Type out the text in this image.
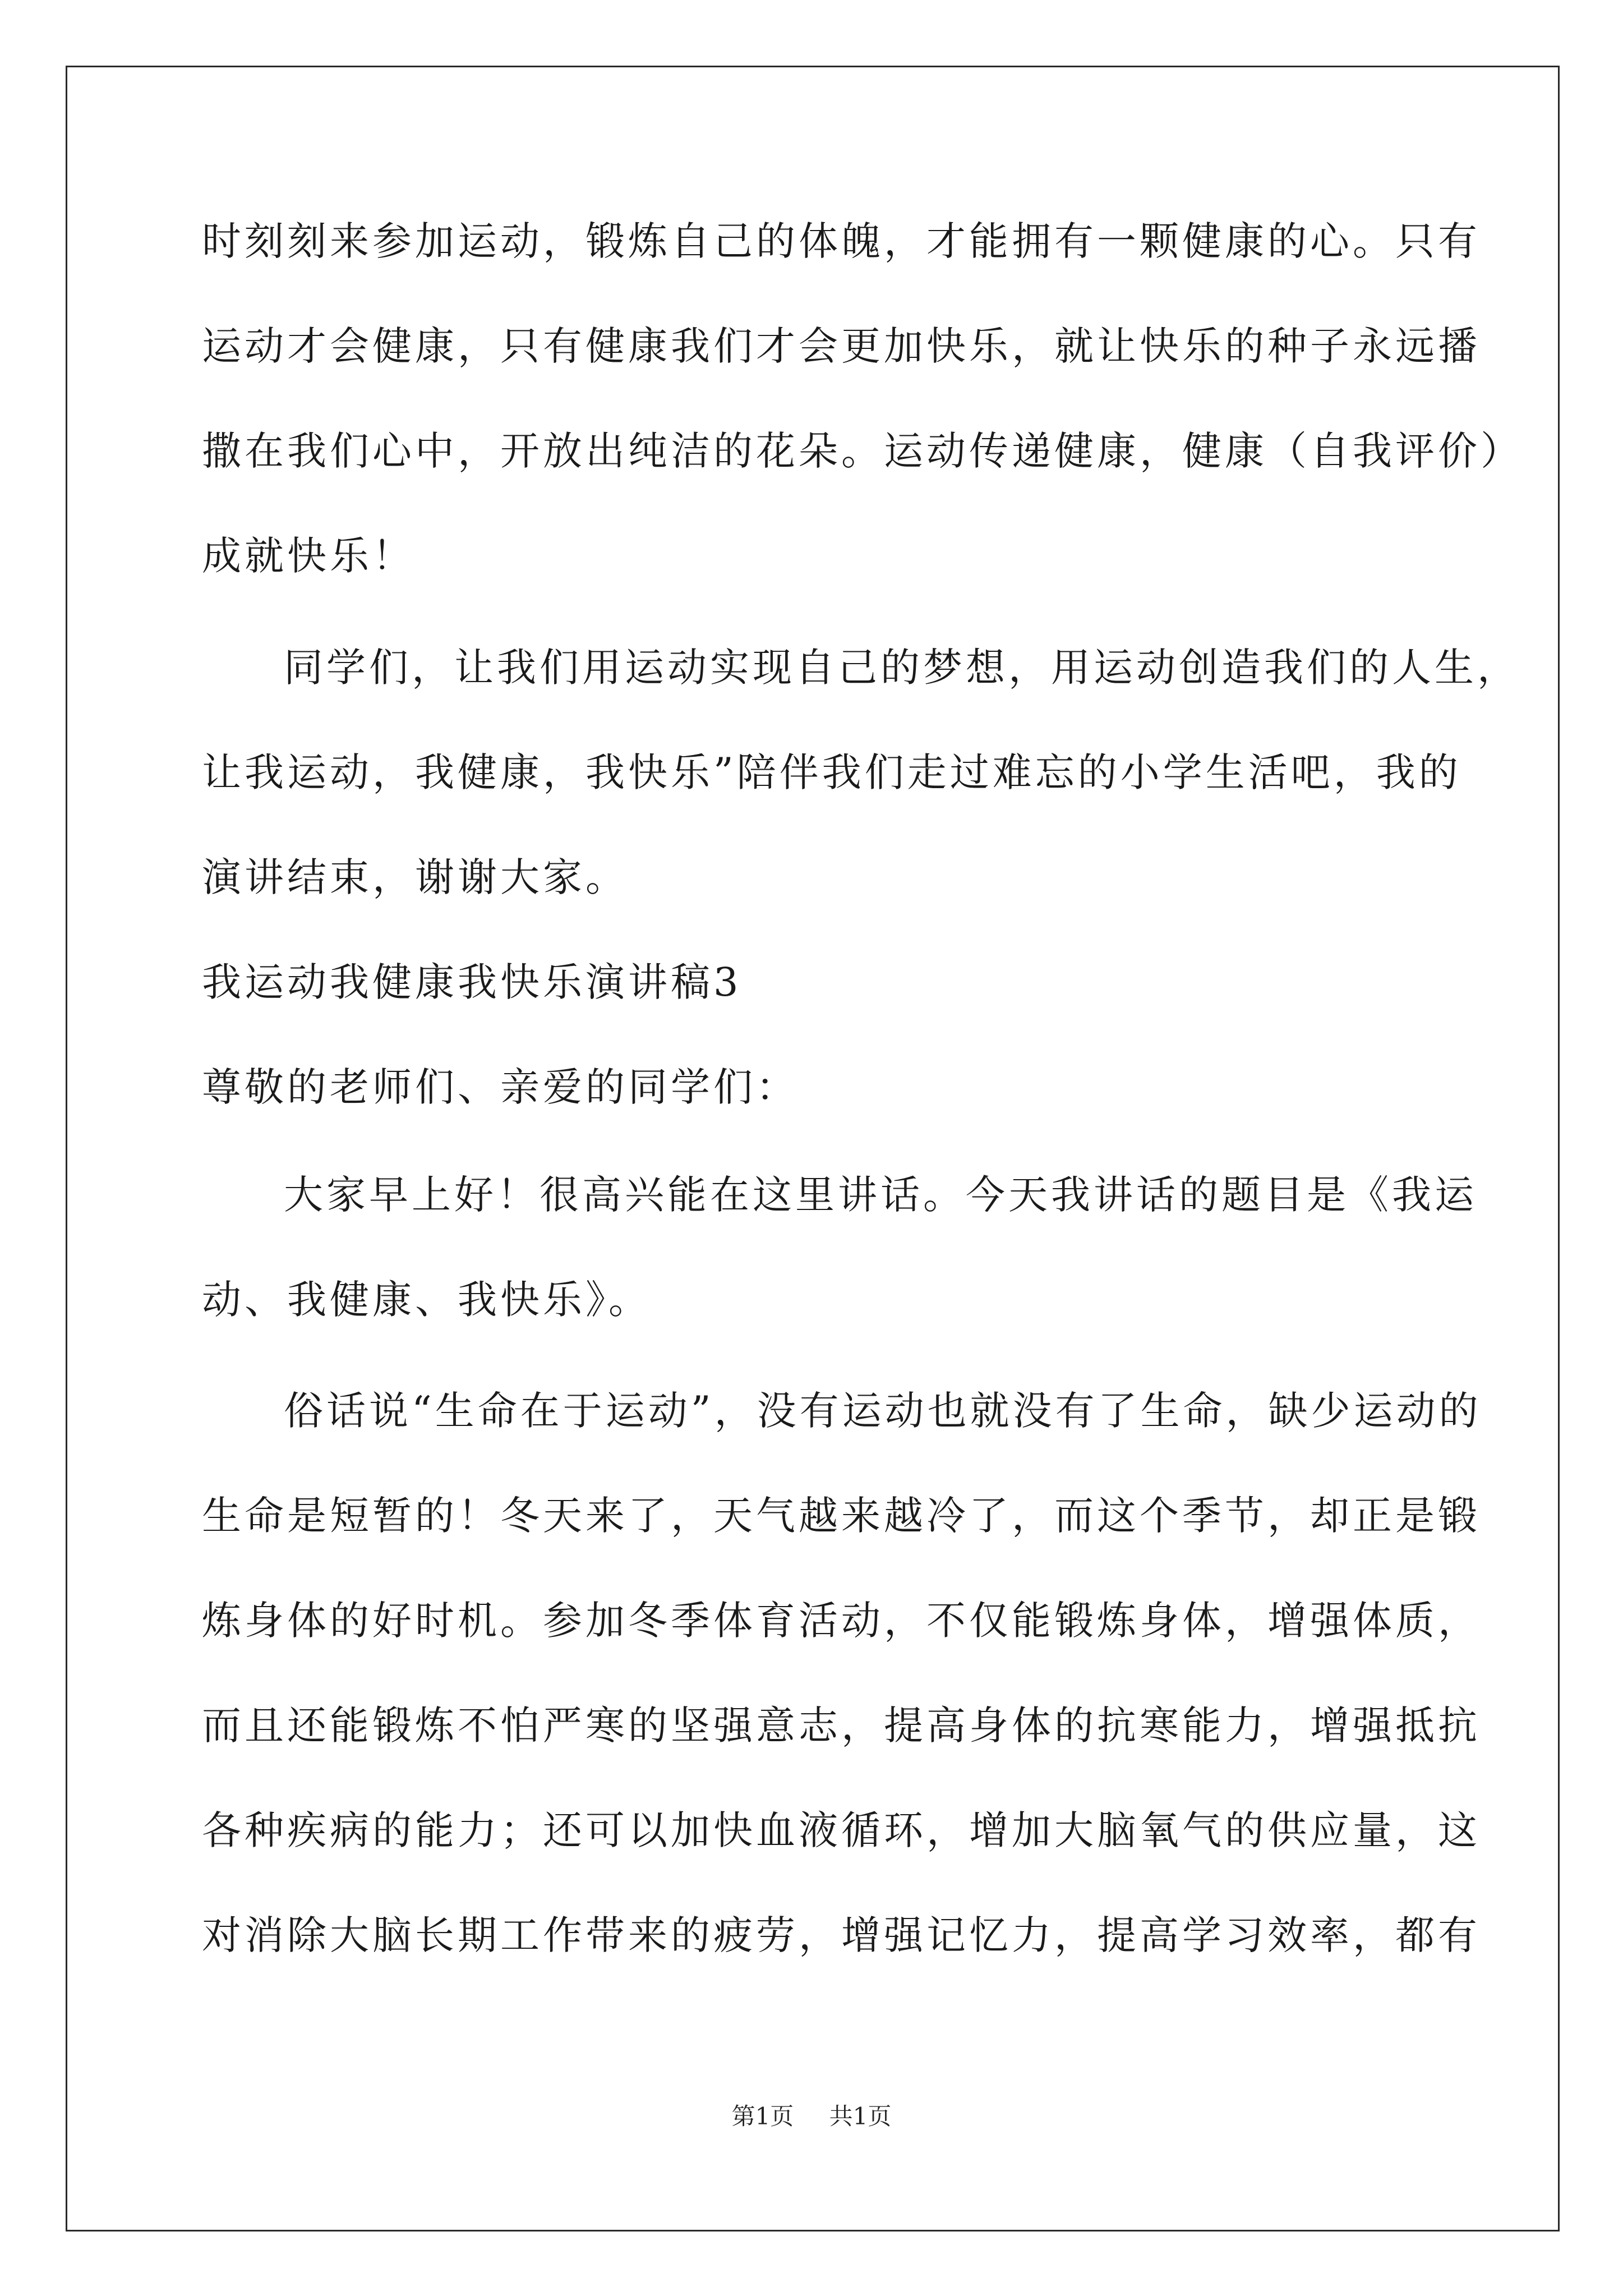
时刻刻来参加运动，锻炼自己的体魄，才能拥有一颗健康的心。只有
运动才会健康，只有健康我们才会更加快乐，就让快乐的种子永远播
撒在我们心中，开放出纯洁的花朵。运动传递健康，健康（自我评价）
成就快乐！
同学们，让我们用运动实现自己的梦想，用运动创造我们的人生，
让我运动，我健康，我快乐”陪伴我们走过难忘的小学生活吧，我的
演讲结束，谢谢大家。
我运动我健康我快乐演讲稿3
尊敬的老师们、亲爱的同学们：
大家早上好！很高兴能在这里讲话。今天我讲话的题目是《我运
动、我健康、我快乐》。
俗话说“生命在于运动”，没有运动也就没有了生命，缺少运动的
生命是短暂的！冬天来了，天气越来越冷了，而这个季节，却正是锻
炼身体的好时机。参加冬季体育活动，不仅能锻炼身体，增强体质，
而且还能锻炼不怕严寒的坚强意志，提高身体的抗寒能力，增强抵抗
各种疾病的能力；还可以加快血液循环，增加大脑氧气的供应量，这
对消除大脑长期工作带来的疲劳，增强记忆力，提高学习效率，都有
第1页 共1页
